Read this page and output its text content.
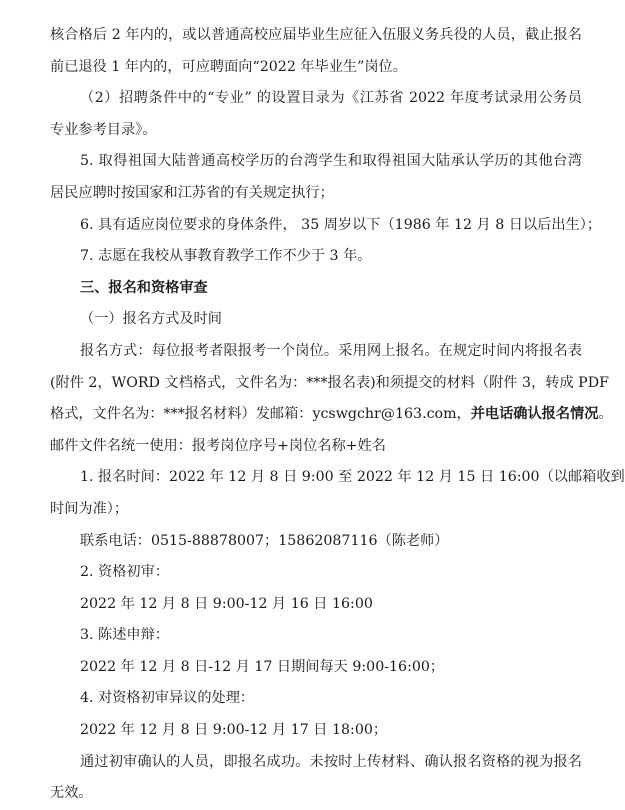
核合格后 2 年内的，或以普通高校应届毕业生应征入伍服义务兵役的人员，截止报名
前已退役 1 年内的，可应聘面向“2022 年毕业生”岗位。
（2）招聘条件中的“专业” 的设置目录为《江苏省 2022 年度考试录用公务员
专业参考目录》。
5. 取得祖国大陆普通高校学历的台湾学生和取得祖国大陆承认学历的其他台湾
居民应聘时按国家和江苏省的有关规定执行；
6. 具有适应岗位要求的身体条件， 35 周岁以下（1986 年 12 月 8 日以后出生）；
7. 志愿在我校从事教育教学工作不少于 3 年。
三、报名和资格审查
（一）报名方式及时间
报名方式：每位报考者限报考一个岗位。采用网上报名。在规定时间内将报名表
(附件 2，WORD 文档格式，文件名为：***报名表)和须提交的材料（附件 3，转成 PDF
格式，文件名为：***报名材料）发邮箱：ycswgchr@163.com，并电话确认报名情况。
邮件文件名统一使用：报考岗位序号+岗位名称+姓名
1. 报名时间：2022 年 12 月 8 日 9:00 至 2022 年 12 月 15 日 16:00（以邮箱收到
时间为准）；
联系电话：0515-88878007；15862087116（陈老师）
2. 资格初审：
2022 年 12 月 8 日 9:00-12 月 16 日 16:00
3. 陈述申辩：
2022 年 12 月 8 日-12 月 17 日期间每天 9:00-16:00；
4. 对资格初审异议的处理：
2022 年 12 月 8 日 9:00-12 月 17 日 18:00；
通过初审确认的人员，即报名成功。未按时上传材料、确认报名资格的视为报名
无效。
